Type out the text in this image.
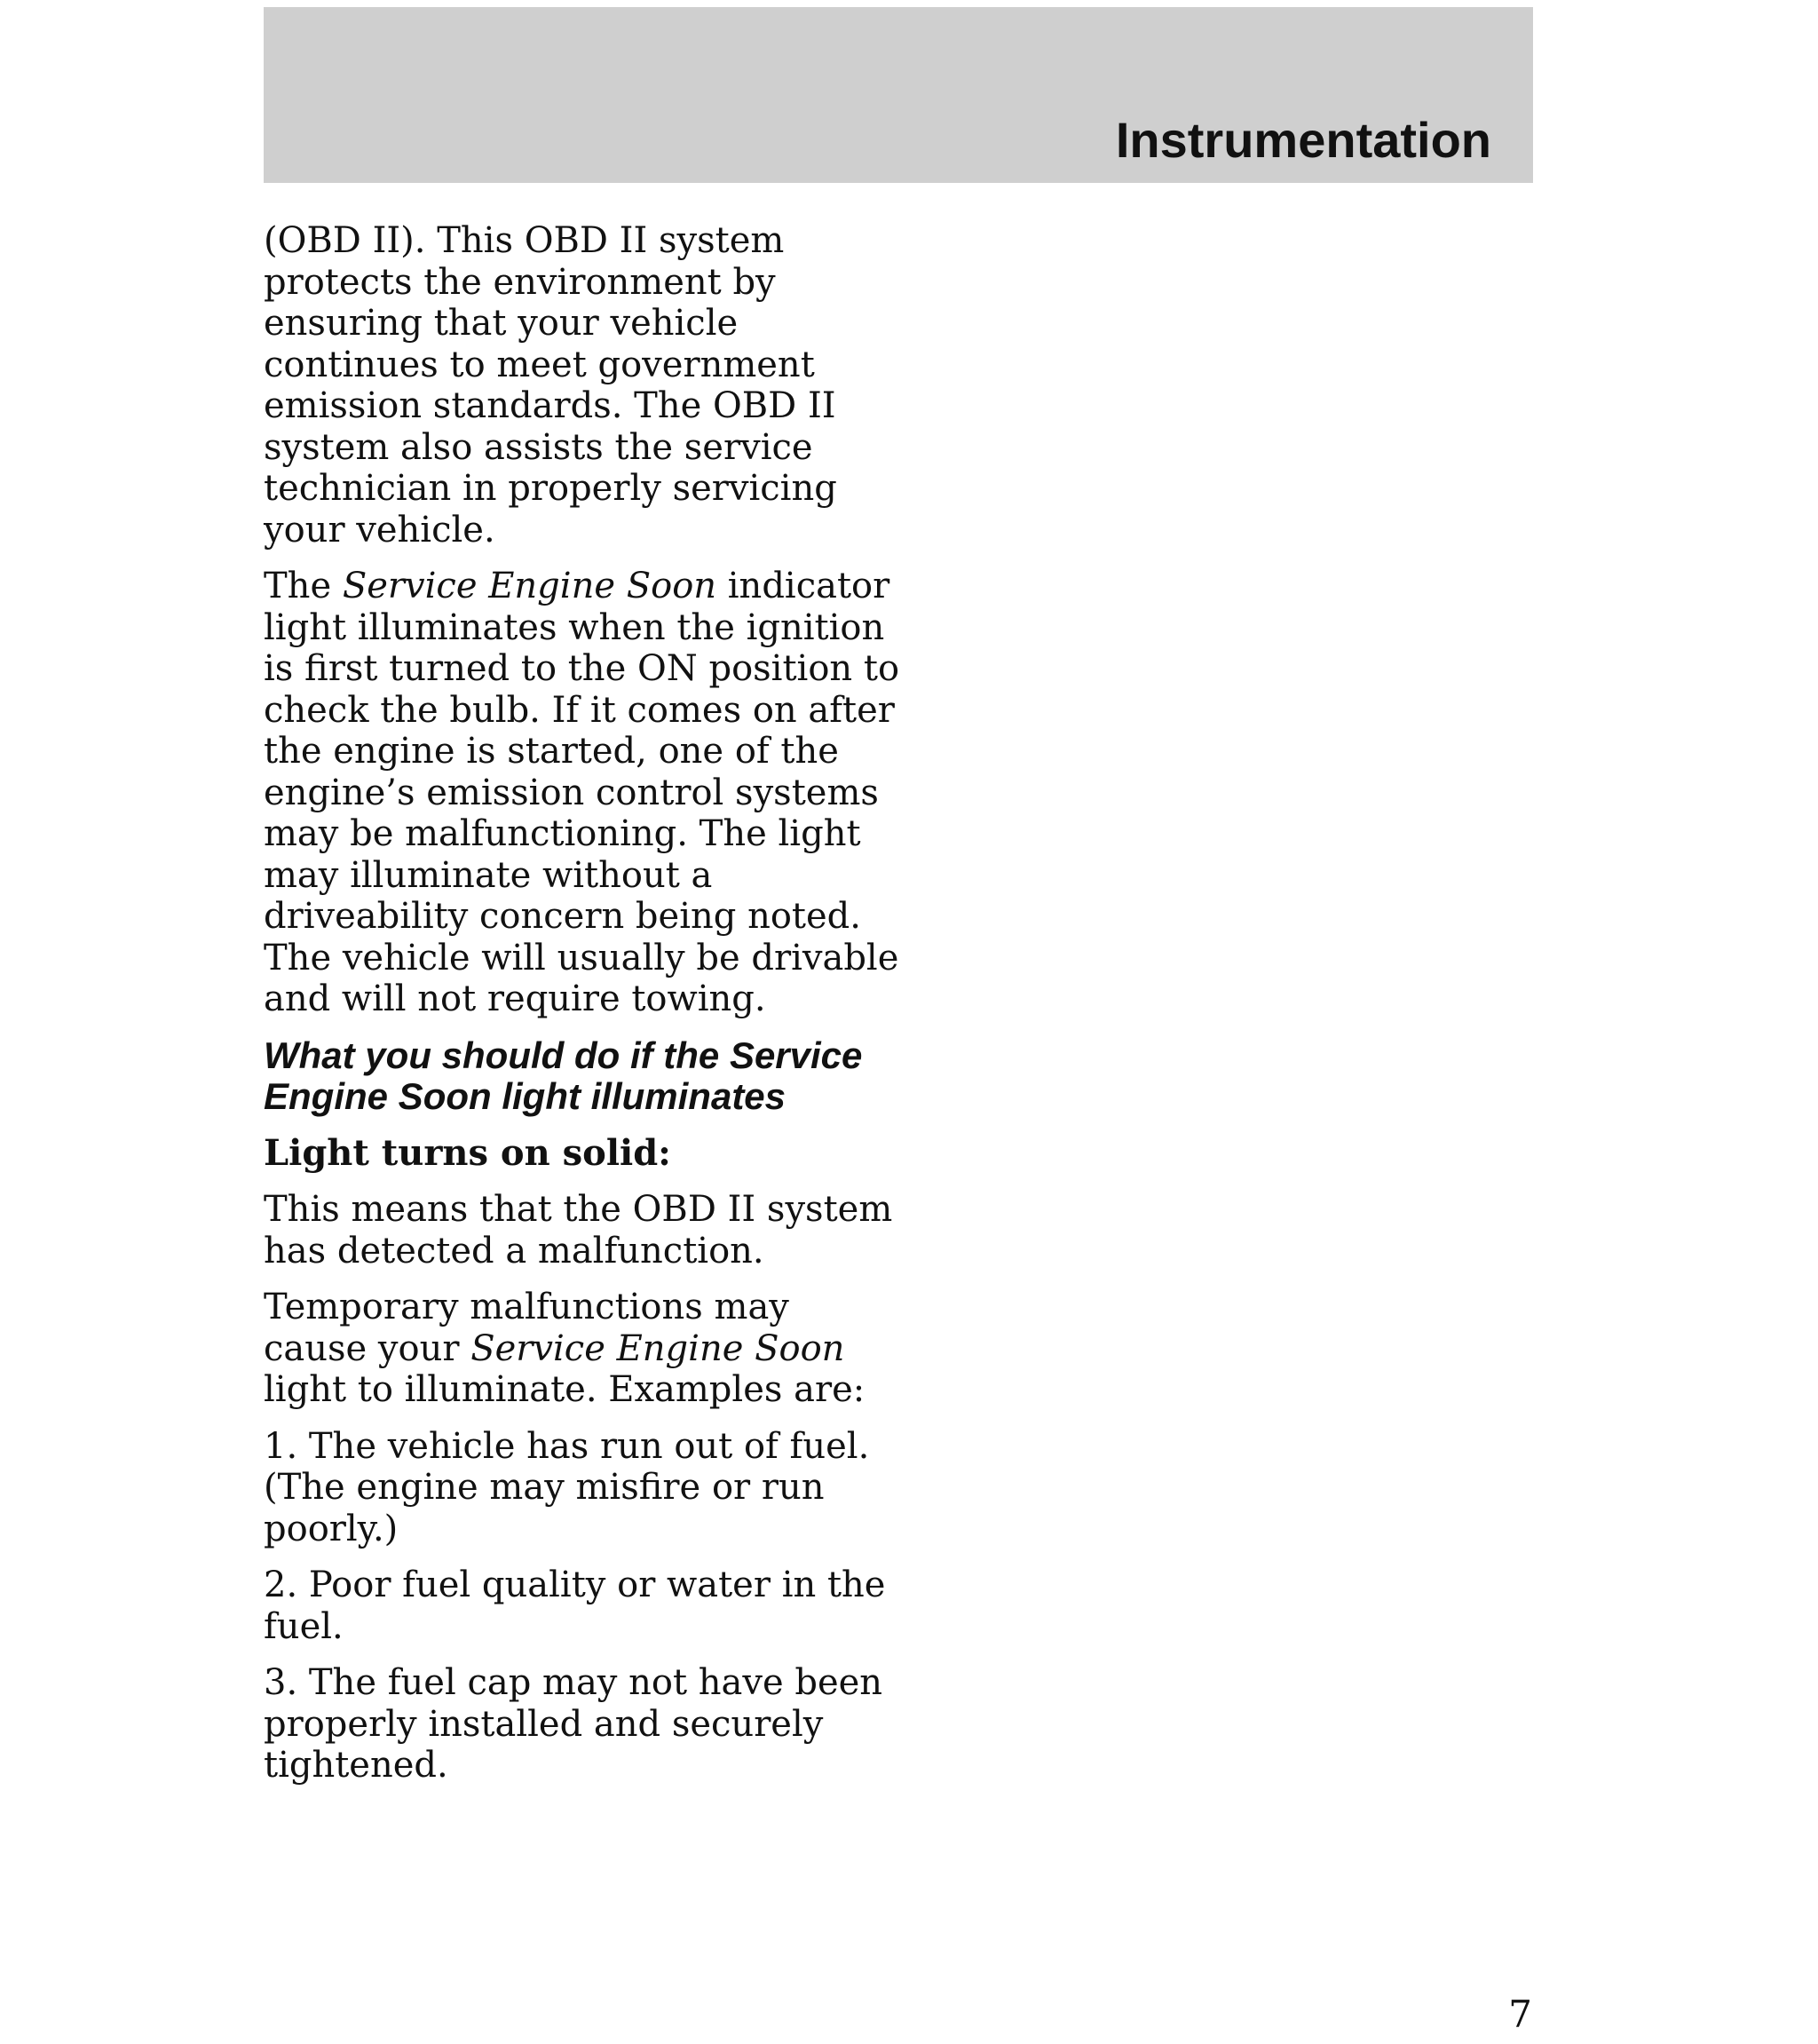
Instrumentation

(OBD II). This OBD II system protects the environment by ensuring that your vehicle continues to meet government emission standards. The OBD II system also assists the service technician in properly servicing your vehicle.

The Service Engine Soon indicator light illuminates when the ignition is first turned to the ON position to check the bulb. If it comes on after the engine is started, one of the engine’s emission control systems may be malfunctioning. The light may illuminate without a driveability concern being noted. The vehicle will usually be drivable and will not require towing.

What you should do if the Service Engine Soon light illuminates

Light turns on solid:

This means that the OBD II system has detected a malfunction.

Temporary malfunctions may cause your Service Engine Soon light to illuminate. Examples are:

1. The vehicle has run out of fuel. (The engine may misfire or run poorly.)

2. Poor fuel quality or water in the fuel.

3. The fuel cap may not have been properly installed and securely tightened.

7
